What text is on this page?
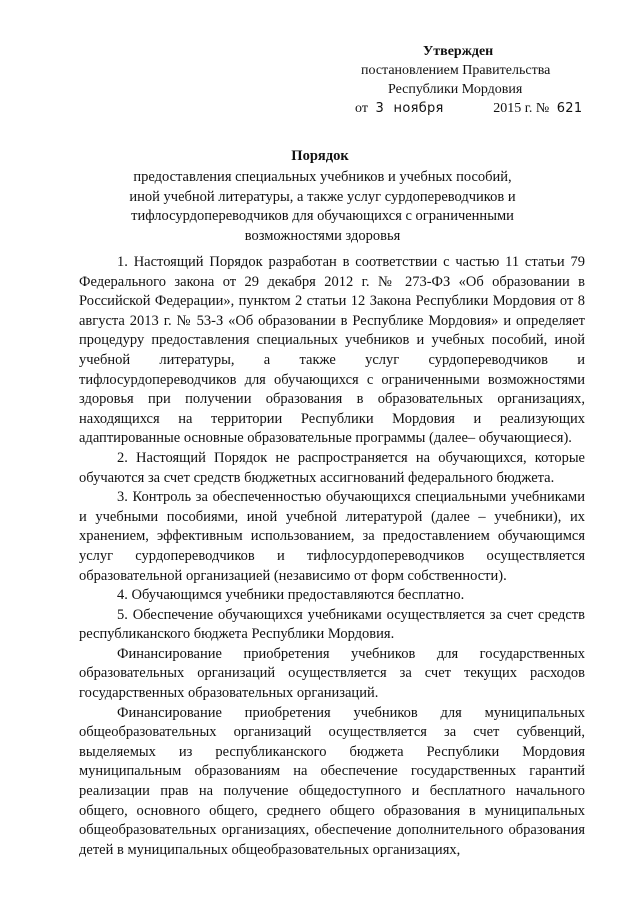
Утвержден
постановлением Правительства
Республики Мордовия
от 3 ноября	2015 г. № 621
Порядок
предоставления специальных учебников и учебных пособий, иной учебной литературы, а также услуг сурдопереводчиков и тифлосурдопереводчиков для обучающихся с ограниченными возможностями здоровья

1. Настоящий Порядок разработан в соответствии с частью 11 статьи 79 Федерального закона от 29 декабря 2012 г. № 273-ФЗ «Об образовании в Российской Федерации», пунктом 2 статьи 12 Закона Республики Мордовия от 8 августа 2013 г. № 53-З «Об образовании в Республике Мордовия» и определяет процедуру предоставления специальных учебников и учебных пособий, иной учебной литературы, а также услуг сурдопереводчиков и тифлосурдопереводчиков для обучающихся с ограниченными возможностями здоровья при получении образования в образовательных организациях, находящихся на территории Республики Мордовия и реализующих адаптированные основные образовательные программы (далее– обучающиеся).

2. Настоящий Порядок не распространяется на обучающихся, которые обучаются за счет средств бюджетных ассигнований федерального бюджета.

3. Контроль за обеспеченностью обучающихся специальными учебниками и учебными пособиями, иной учебной литературой (далее – учебники), их хранением, эффективным использованием, за предоставлением обучающимся услуг сурдопереводчиков и тифлосурдопереводчиков осуществляется образовательной организацией (независимо от форм собственности).

4. Обучающимся учебники предоставляются бесплатно.

5. Обеспечение обучающихся учебниками осуществляется за счет средств республиканского бюджета Республики Мордовия.

Финансирование приобретения учебников для государственных образовательных организаций осуществляется за счет текущих расходов государственных образовательных организаций.

Финансирование приобретения учебников для муниципальных общеобразовательных организаций осуществляется за счет субвенций, выделяемых из республиканского бюджета Республики Мордовия муниципальным образованиям на обеспечение государственных гарантий реализации прав на получение общедоступного и бесплатного начального общего, основного общего, среднего общего образования в муниципальных общеобразовательных организациях, обеспечение дополнительного образования детей в муниципальных общеобразовательных организациях,
